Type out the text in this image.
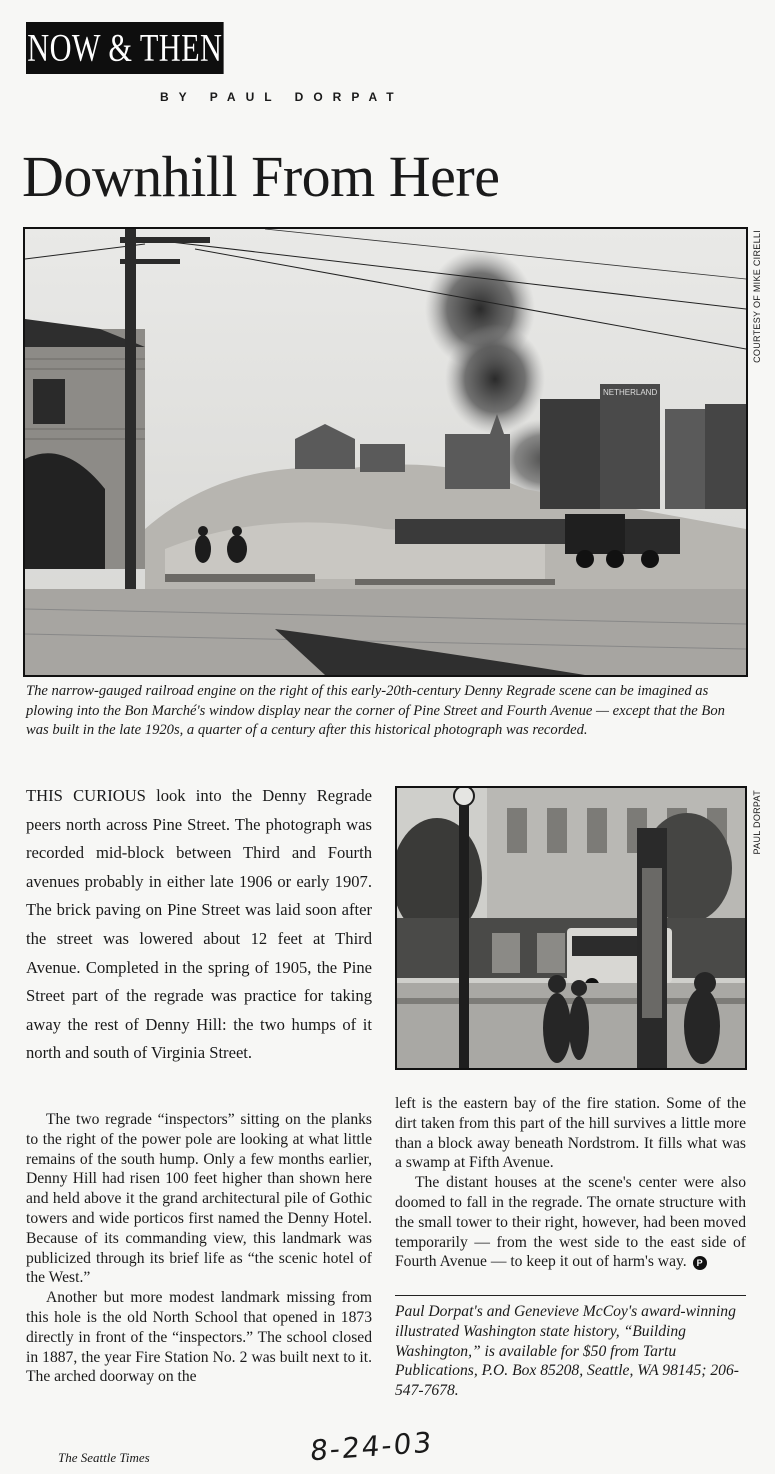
NOW & THEN
BY PAUL DORPAT
Downhill From Here
NETHERLAND
COURTESY OF MIKE CIRELLI

The narrow-gauged railroad engine on the right of this early-20th-century Denny Regrade scene can be imagined as plowing into the Bon Marché's window display near the corner of Pine Street and Fourth Avenue — except that the Bon was built in the late 1920s, a quarter of a century after this historical photograph was recorded.

PAUL DORPAT

THIS CURIOUS look into the Denny Regrade peers north across Pine Street. The photograph was recorded mid-block between Third and Fourth avenues probably in either late 1906 or early 1907. The brick paving on Pine Street was laid soon after the street was lowered about 12 feet at Third Avenue. Completed in the spring of 1905, the Pine Street part of the regrade was practice for taking away the rest of Denny Hill: the two humps of it north and south of Virginia Street.

The two regrade “inspectors” sitting on the planks to the right of the power pole are looking at what little remains of the south hump. Only a few months earlier, Denny Hill had risen 100 feet higher than shown here and held above it the grand architectural pile of Gothic towers and wide porticos first named the Denny Hotel. Because of its commanding view, this landmark was publicized through its brief life as “the scenic hotel of the West.”

Another but more modest landmark missing from this hole is the old North School that opened in 1873 directly in front of the “inspectors.” The school closed in 1887, the year Fire Station No. 2 was built next to it. The arched doorway on the

left is the eastern bay of the fire station. Some of the dirt taken from this part of the hill survives a little more than a block away beneath Nordstrom. It fills what was a swamp at Fifth Avenue.

The distant houses at the scene's center were also doomed to fall in the regrade. The ornate structure with the small tower to their right, however, had been moved temporarily — from the west side to the east side of Fourth Avenue — to keep it out of harm's way. P

Paul Dorpat's and Genevieve McCoy's award-winning illustrated Washington state history, “Building Washington,” is available for $50 from Tartu Publications, P.O. Box 85208, Seattle, WA 98145; 206-547-7678.

The Seattle Times	8-24-03
